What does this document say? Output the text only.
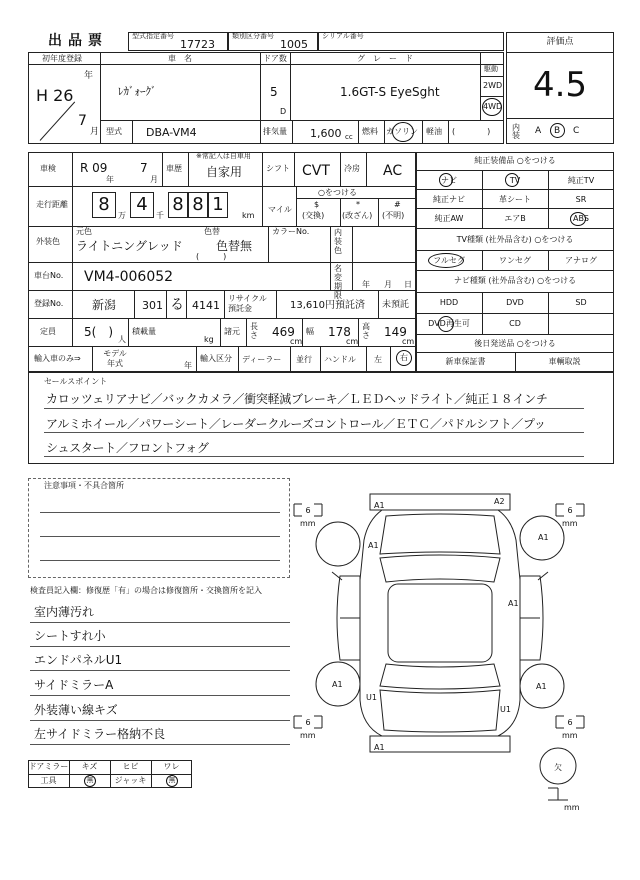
出品票	型式指定番号
17723
類別区分番号
1005
シリアル番号
評価点
4.5
内装 A B C
初年度登録
H 26
年
7
月
車　名
ﾚｶﾞｫｰｸﾞ
ドア数
5
D
グ　レ　ー　ド
1.6GT-S EyeSght
駆動
2WD
4WD
型式 DBA-VM4	排気量 1,600 cc
燃料 ガソリン 軽油 (　　　　)
車検 R 09
年
7
月
車歴
※常記入は自車用
自家用	シフト CVT 冷房 AC
走行距離	8
万
4
千
8 8 1
km
○をつける
マイル
$
(交換)
*
(改ざん)
#
(不明)
外装色
元色	色替
ライトニングレッド	色替無
(　　　)
カラーNo.	内装色
車台No. VM4-006052
名変期限
年 月 日
登録No. 新潟 301 る 4141
リサイクル預託金	13,610円預託済 未預託
定員 5(　)
人
積載量
kg
諸元
長さ 469
cm
幅 178
cm
高さ 149
cm
輸入車のみ⇒
モデル年式	年
輸入区分 ディーラー 並行 ハンドル 左 右
純正装備品 ○をつける
ナビ	TV	純正TV
純正ナビ	革シート	SR
純正AW	エアB	ABS
TV種類 (社外品含む) ○をつける
フルセグ	ワンセグ	アナログ
ナビ種類 (社外品含む) ○をつける
HDD	DVD	SD
DVD再生可	CD
後日発送品 ○をつける
新車保証書	車輌取説
セールスポイント
カロッツェリアナビ／バックカメラ／衝突軽減ブレーキ／ＬＥＤヘッドライト／純正１８インチ
アルミホイール／パワーシート／レーダークルーズコントロール／ＥＴＣ／パドルシフト／プッ
シュスタート／フロントフォグ
注意事項・不具合箇所
検査員記入欄：修復歴「有」の場合は修復箇所・交換箇所を記入
室内薄汚れ
シートすれ小
エンドパネルU1
サイドミラーA
外装薄い線キズ
左サイドミラー格納不良
ドアミラー	キズ	ヒビ	ワレ
工具	無	ジャッキ	無
6
mm
6
mm
6
mm
6
mm
A1	A2
A1
A1
A1
A1	A1
U1
U1
A1
欠
mm
